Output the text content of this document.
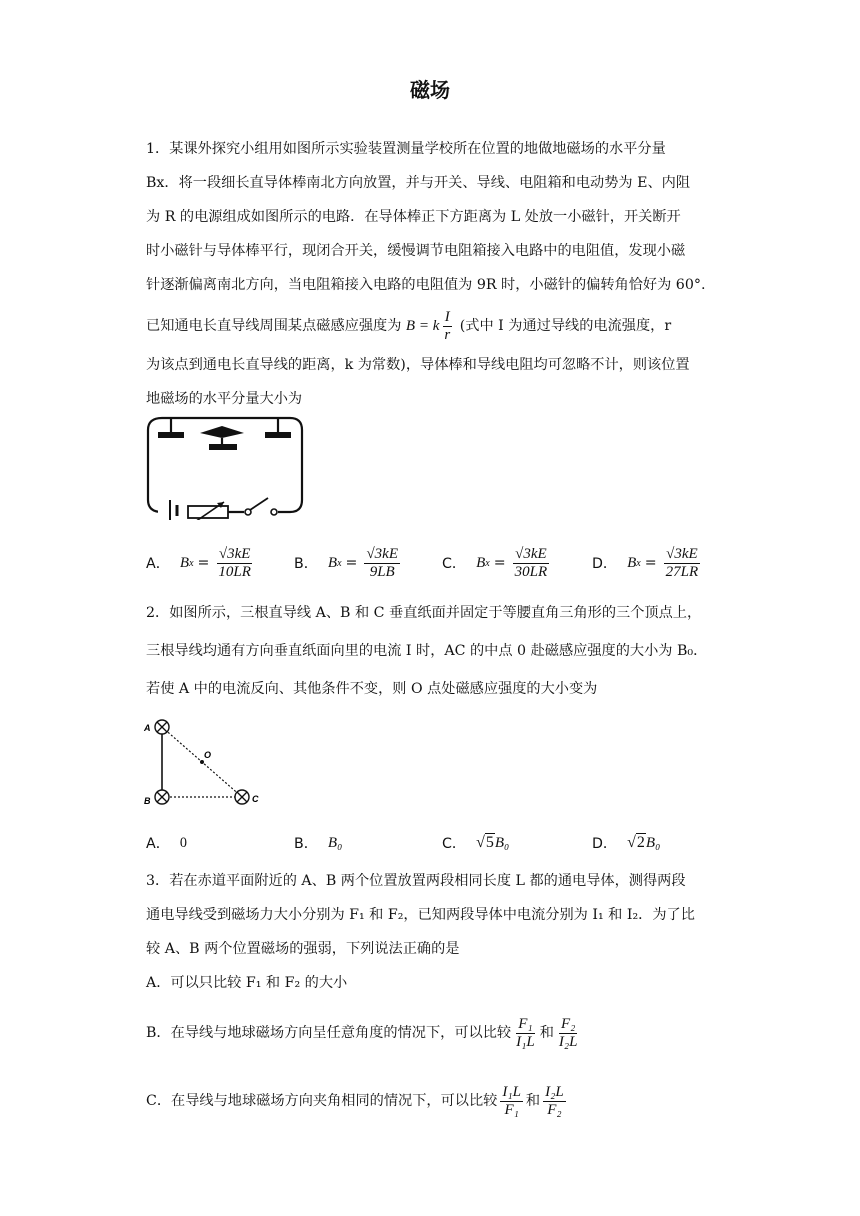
磁场

1．某课外探究小组用如图所示实验装置测量学校所在位置的地做地磁场的水平分量

Bx．将一段细长直导体棒南北方向放置，并与开关、导线、电阻箱和电动势为 E、内阻

为 R 的电源组成如图所示的电路．在导体棒正下方距离为 L 处放一小磁针，开关断开

时小磁针与导体棒平行，现闭合开关，缓慢调节电阻箱接入电路中的电阻值，发现小磁

针逐渐偏离南北方向，当电阻箱接入电路的电阻值为 9R 时，小磁针的偏转角恰好为 60°.

已知通电长直导线周围某点磁感应强度为 B = k $\frac{I}{r}$ (式中 I 为通过导线的电流强度，r

为该点到通电长直导线的距离，k 为常数)，导体棒和导线电阻均可忽略不计，则该位置

地磁场的水平分量大小为

A． B $x = \frac{√3kE}{10LR}$	B． B $x = \frac{√3kE}{9LB}$	C． B $x = \frac{√3kE}{30LR}$	D． B $x = \frac{√3kE}{27LR}$

2．如图所示，三根直导线 A、B 和 C 垂直纸面并固定于等腰直角三角形的三个顶点上，

三根导线均通有方向垂直纸面向里的电流 I 时，AC 的中点 0 赴磁感应强度的大小为 B₀．

若使 A 中的电流反向、其他条件不变，则 O 点处磁感应强度的大小变为

A
B	C
O
A． 0	B． B₀	C． √5 B₀	D． √2 B₀

3．若在赤道平面附近的 A、B 两个位置放置两段相同长度 L 都的通电导体，测得两段

通电导线受到磁场力大小分别为 F₁ 和 F₂，已知两段导体中电流分别为 I₁ 和 I₂．为了比

较 A、B 两个位置磁场的强弱，下列说法正确的是

A．可以只比较 F₁ 和 F₂ 的大小

B．在导线与地球磁场方向呈任意角度的情况下，可以比较 $\frac{\text{F₁}}{\text{I₁L}}$ 和 $\frac{\text{F₂}}{\text{I₂L}}$

C．在导线与地球磁场方向夹角相同的情况下，可以比较 $\frac{\text{I₁L}}{\text{F₁}}$ 和 $\frac{\text{I₂L}}{\text{F₂}}$
